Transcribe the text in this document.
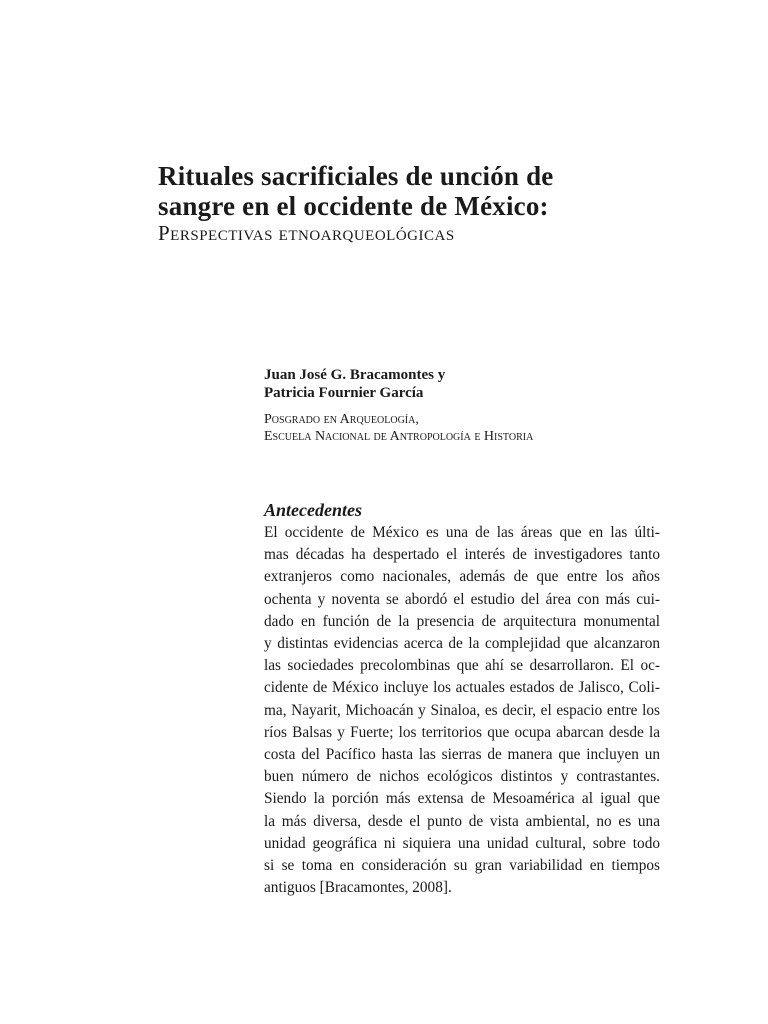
Rituales sacrificiales de unción de
sangre en el occidente de México:
Perspectivas etnoarqueológicas
Juan José G. Bracamontes y
Patricia Fournier García
Posgrado en Arqueología,
Escuela Nacional de Antropología e Historia
Antecedentes
El occidente de México es una de las áreas que en las últi-
mas décadas ha despertado el interés de investigadores tanto
extranjeros como nacionales, además de que entre los años
ochenta y noventa se abordó el estudio del área con más cui-
dado en función de la presencia de arquitectura monumental
y distintas evidencias acerca de la complejidad que alcanzaron
las sociedades precolombinas que ahí se desarrollaron. El oc-
cidente de México incluye los actuales estados de Jalisco, Coli-
ma, Nayarit, Michoacán y Sinaloa, es decir, el espacio entre los
ríos Balsas y Fuerte; los territorios que ocupa abarcan desde la
costa del Pacífico hasta las sierras de manera que incluyen un
buen número de nichos ecológicos distintos y contrastantes.
Siendo la porción más extensa de Mesoamérica al igual que
la más diversa, desde el punto de vista ambiental, no es una
unidad geográfica ni siquiera una unidad cultural, sobre todo
si se toma en consideración su gran variabilidad en tiempos
antiguos [Bracamontes, 2008].
